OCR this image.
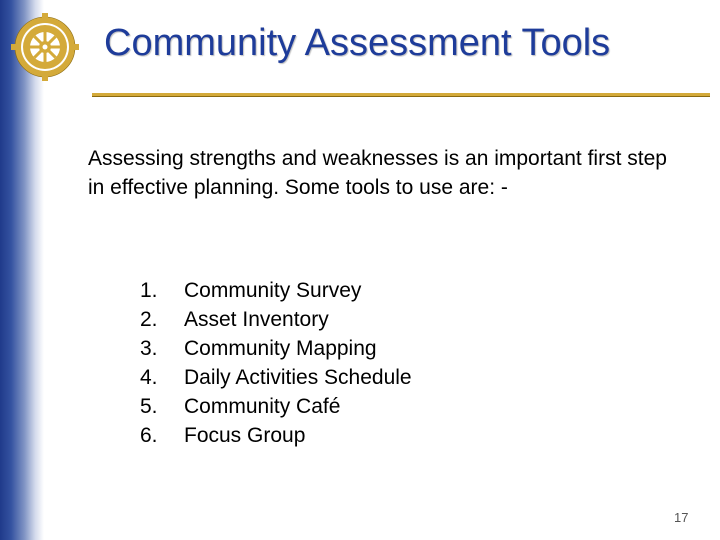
Community Assessment Tools
Assessing strengths and weaknesses is an important first step in effective planning. Some tools to use are: -
1.	Community Survey
2.	Asset Inventory
3.	Community Mapping
4.	Daily Activities Schedule
5.	Community Café
6.	Focus Group
17
